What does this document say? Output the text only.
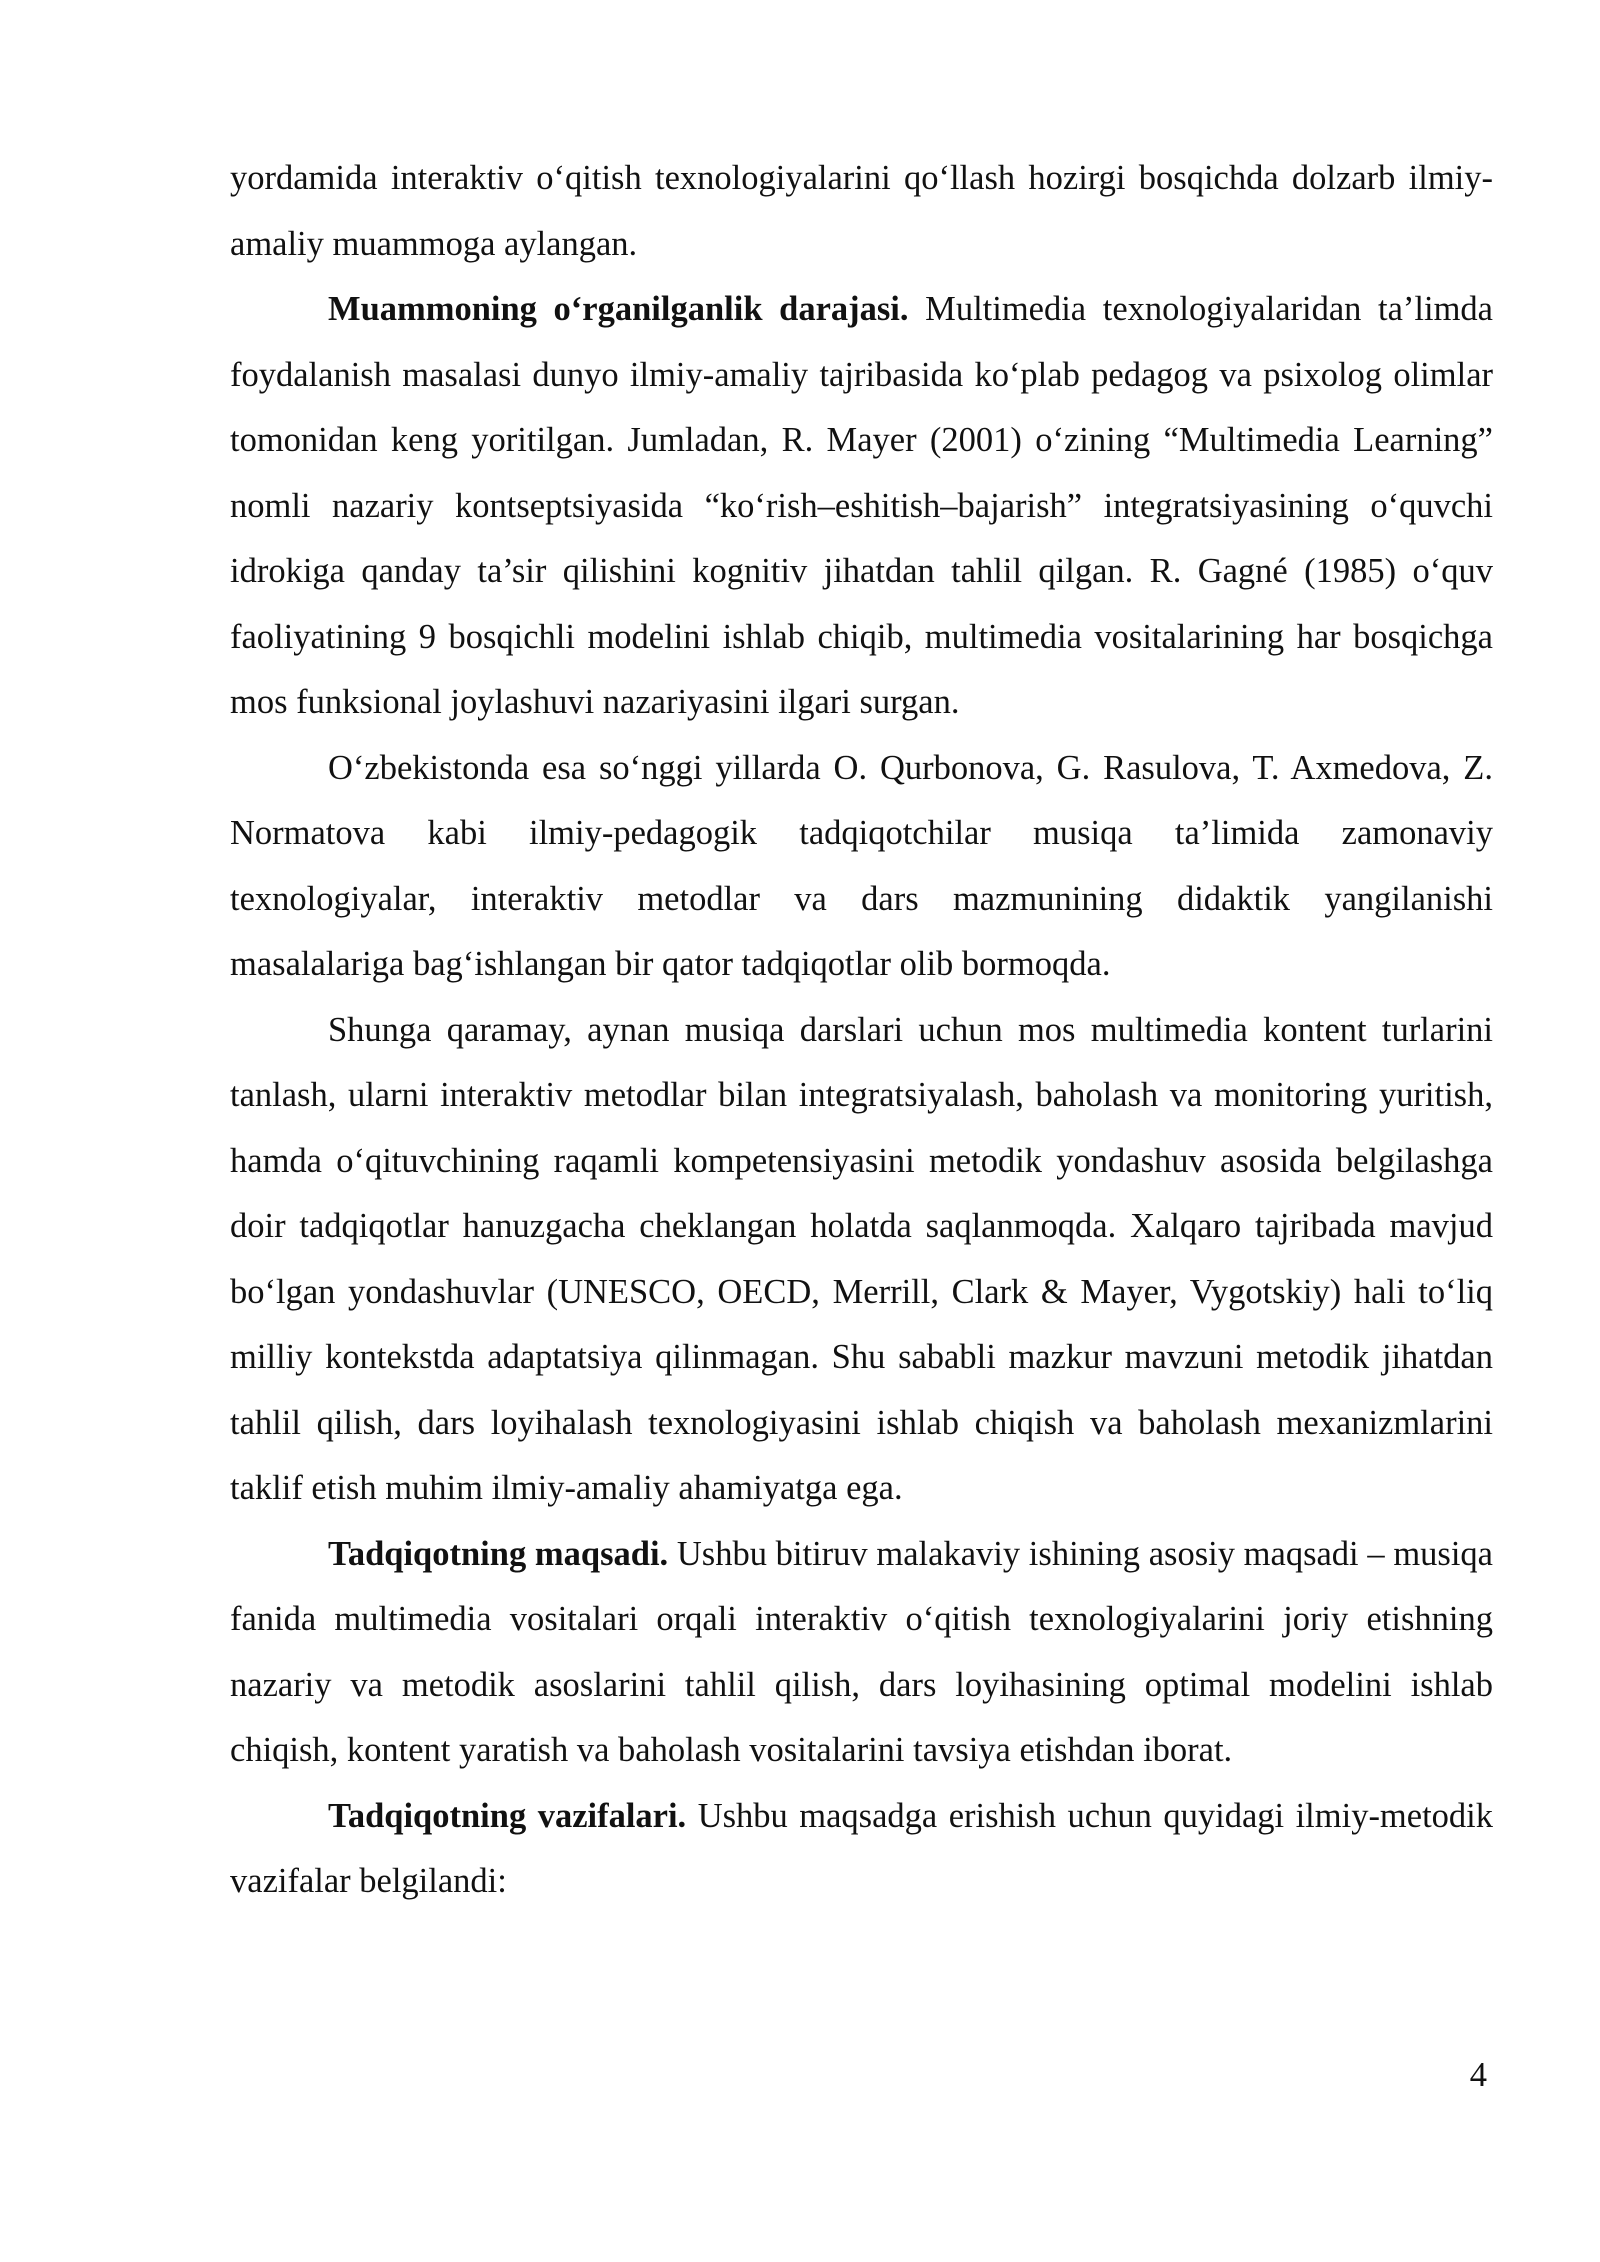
yordamida interaktiv o‘qitish texnologiyalarini qo‘llash hozirgi bosqichda dolzarb ilmiy-amaliy muammoga aylangan.

Muammoning o‘rganilganlik darajasi. Multimedia texnologiyalaridan ta’limda foydalanish masalasi dunyo ilmiy-amaliy tajribasida ko‘plab pedagog va psixolog olimlar tomonidan keng yoritilgan. Jumladan, R. Mayer (2001) o‘zining “Multimedia Learning” nomli nazariy kontseptsiyasida “ko‘rish–eshitish–bajarish” integratsiyasining o‘quvchi idrokiga qanday ta’sir qilishini kognitiv jihatdan tahlil qilgan. R. Gagné (1985) o‘quv faoliyatining 9 bosqichli modelini ishlab chiqib, multimedia vositalarining har bosqichga mos funksional joylashuvi nazariyasini ilgari surgan.

O‘zbekistonda esa so‘nggi yillarda O. Qurbonova, G. Rasulova, T. Axmedova, Z. Normatova kabi ilmiy-pedagogik tadqiqotchilar musiqa ta’limida zamonaviy texnologiyalar, interaktiv metodlar va dars mazmunining didaktik yangilanishi masalalariga bag‘ishlangan bir qator tadqiqotlar olib bormoqda.

Shunga qaramay, aynan musiqa darslari uchun mos multimedia kontent turlarini tanlash, ularni interaktiv metodlar bilan integratsiyalash, baholash va monitoring yuritish, hamda o‘qituvchining raqamli kompetensiyasini metodik yondashuv asosida belgilashga doir tadqiqotlar hanuzgacha cheklangan holatda saqlanmoqda. Xalqaro tajribada mavjud bo‘lgan yondashuvlar (UNESCO, OECD, Merrill, Clark & Mayer, Vygotskiy) hali to‘liq milliy kontekstda adaptatsiya qilinmagan. Shu sababli mazkur mavzuni metodik jihatdan tahlil qilish, dars loyihalash texnologiyasini ishlab chiqish va baholash mexanizmlarini taklif etish muhim ilmiy-amaliy ahamiyatga ega.

Tadqiqotning maqsadi. Ushbu bitiruv malakaviy ishining asosiy maqsadi – musiqa fanida multimedia vositalari orqali interaktiv o‘qitish texnologiyalarini joriy etishning nazariy va metodik asoslarini tahlil qilish, dars loyihasining optimal modelini ishlab chiqish, kontent yaratish va baholash vositalarini tavsiya etishdan iborat.

Tadqiqotning vazifalari. Ushbu maqsadga erishish uchun quyidagi ilmiy-metodik vazifalar belgilandi:

4
